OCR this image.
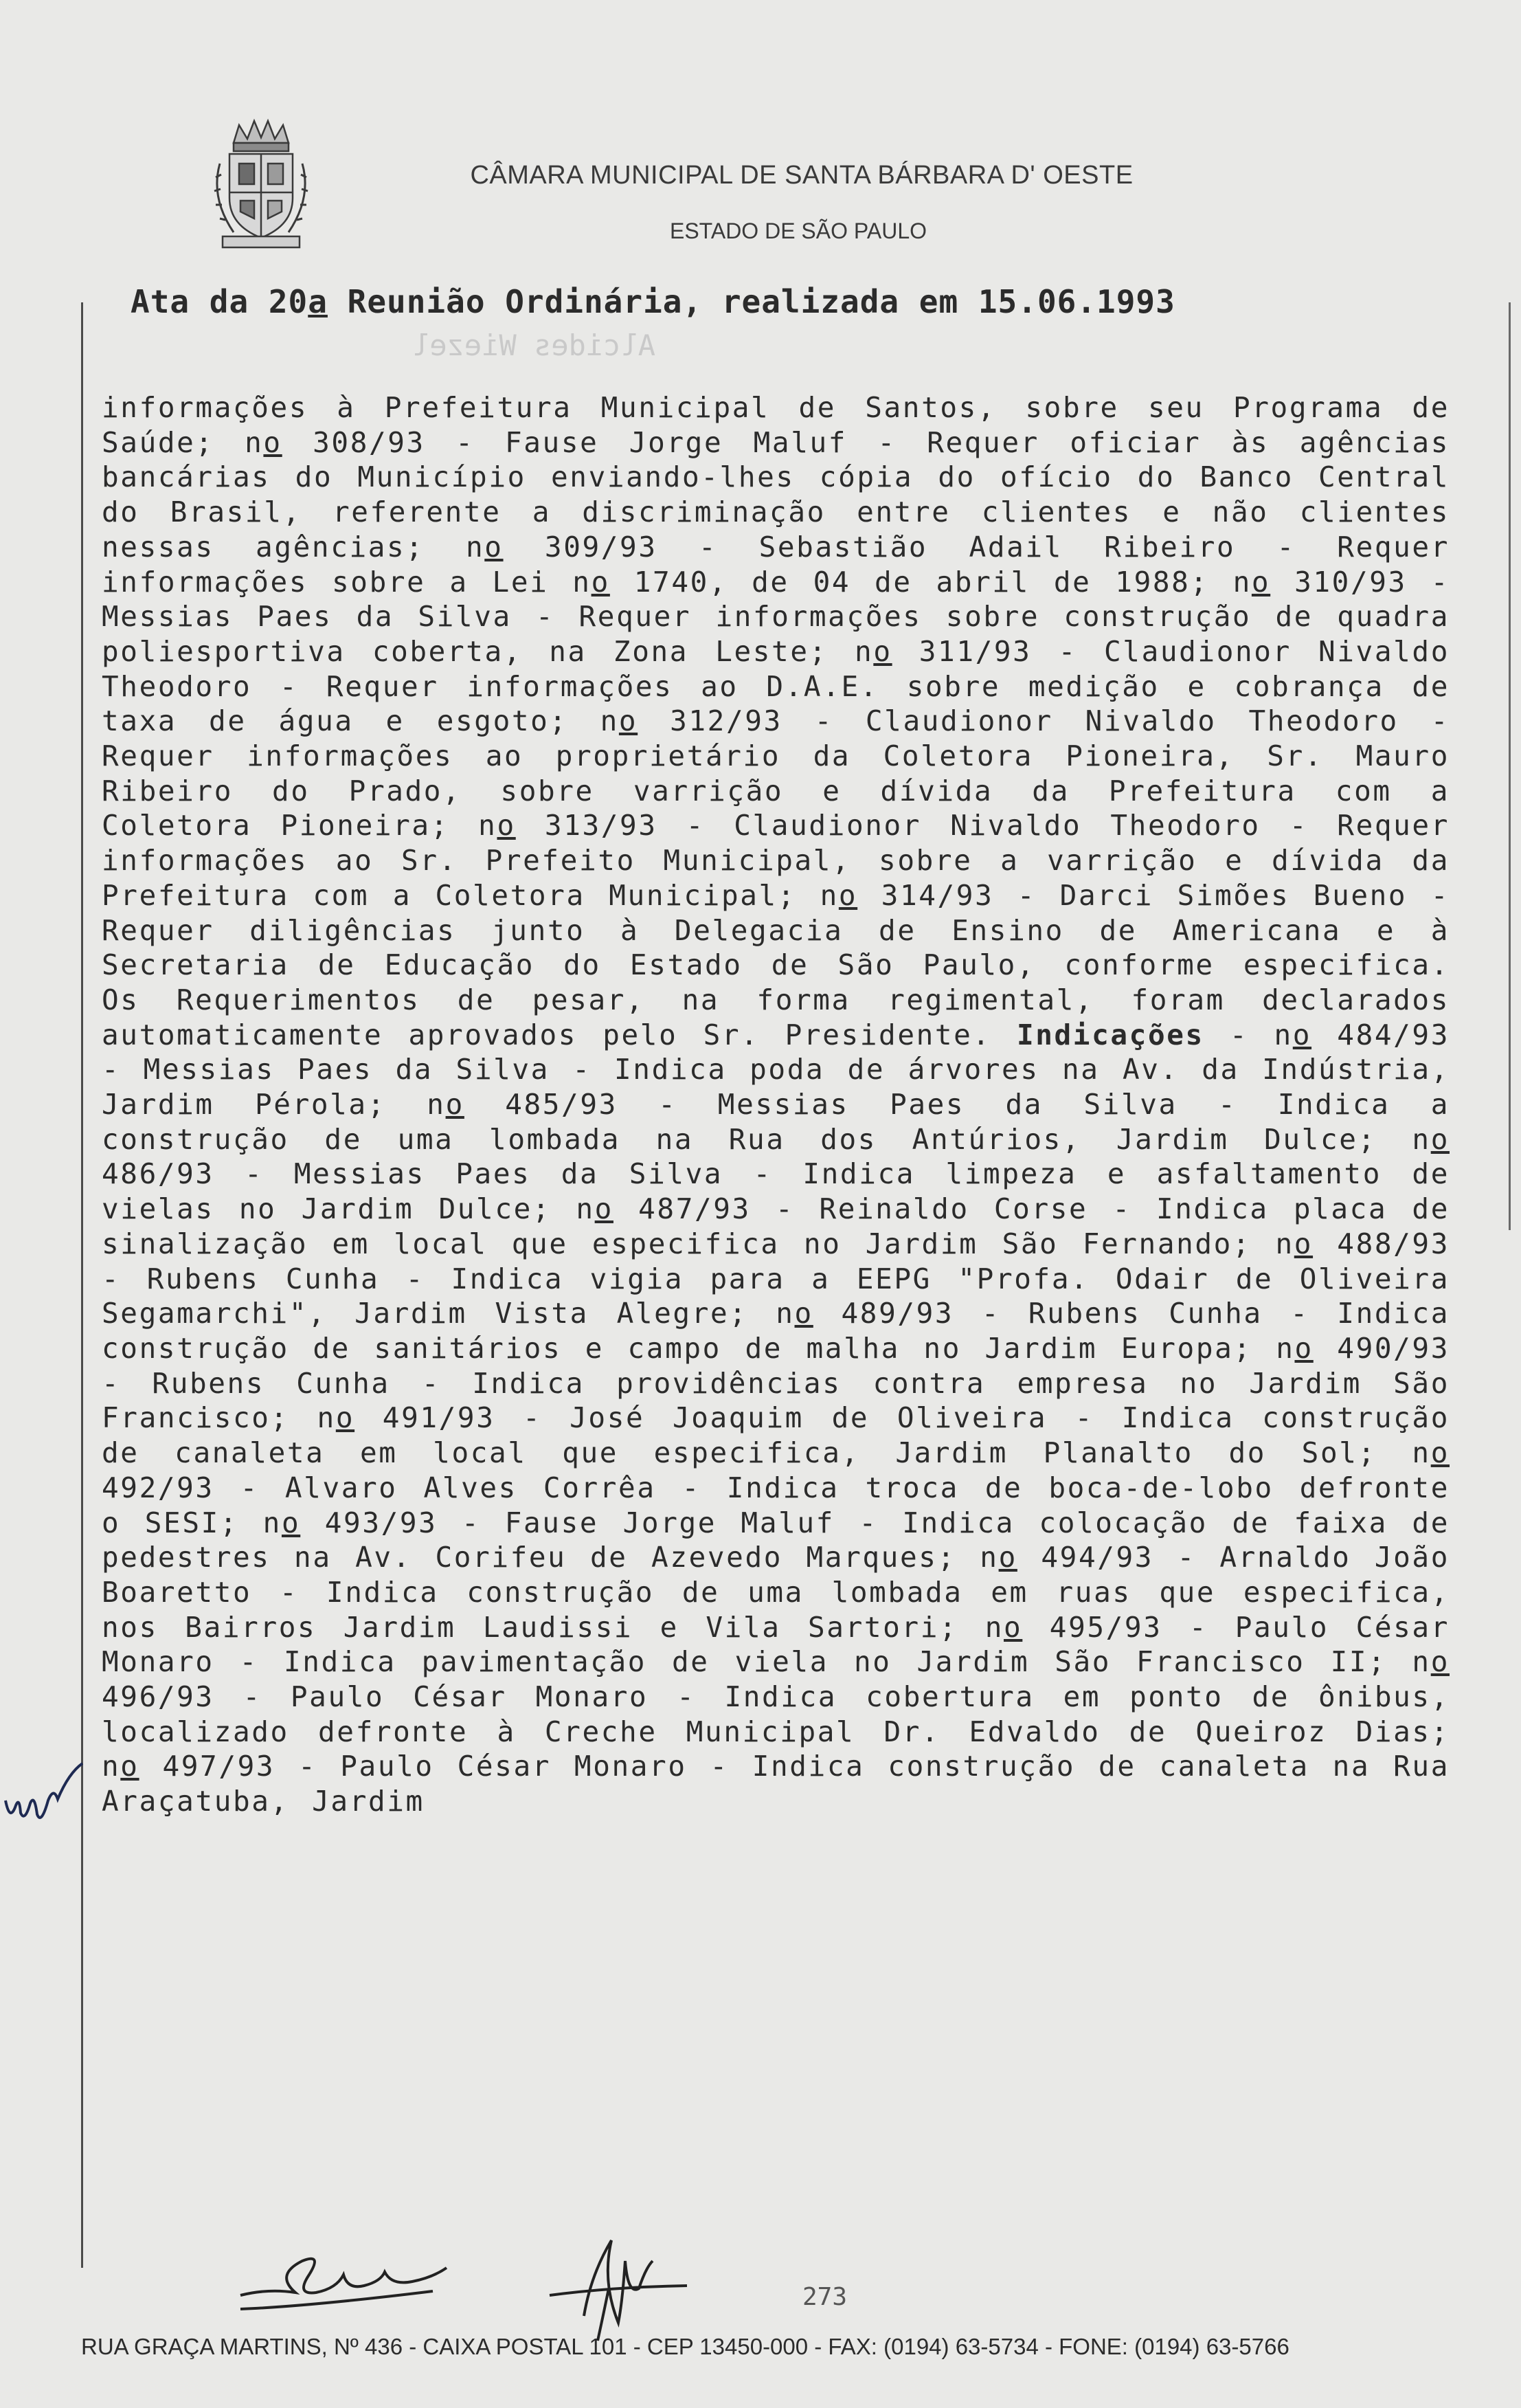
CÂMARA MUNICIPAL DE SANTA BÁRBARA D' OESTE
ESTADO DE SÃO PAULO
Ata da 20a Reunião Ordinária, realizada em 15.06.1993
Alcides Wiezel
informações à Prefeitura Municipal de Santos, sobre seu Programa de Saúde; no 308/93 - Fause Jorge Maluf - Requer oficiar às agências bancárias do Município enviando-lhes cópia do ofício do Banco Central do Brasil, referente a discriminação entre clientes e não clientes nessas agências; no 309/93 - Sebastião Adail Ribeiro - Requer informações sobre a Lei no 1740, de 04 de abril de 1988; no 310/93 - Messias Paes da Silva - Requer informações sobre construção de quadra poliesportiva coberta, na Zona Leste; no 311/93 - Claudionor Nivaldo Theodoro - Requer informações ao D.A.E. sobre medição e cobrança de taxa de água e esgoto; no 312/93 - Claudionor Nivaldo Theodoro - Requer informações ao proprietário da Coletora Pioneira, Sr. Mauro Ribeiro do Prado, sobre varrição e dívida da Prefeitura com a Coletora Pioneira; no 313/93 - Claudionor Nivaldo Theodoro - Requer informações ao Sr. Prefeito Municipal, sobre a varrição e dívida da Prefeitura com a Coletora Municipal; no 314/93 - Darci Simões Bueno - Requer diligências junto à Delegacia de Ensino de Americana e à Secretaria de Educação do Estado de São Paulo, conforme especifica. Os Requerimentos de pesar, na forma regimental, foram declarados automaticamente aprovados pelo Sr. Presidente. Indicações - no 484/93 - Messias Paes da Silva - Indica poda de árvores na Av. da Indústria, Jardim Pérola; no 485/93 - Messias Paes da Silva - Indica a construção de uma lombada na Rua dos Antúrios, Jardim Dulce; no 486/93 - Messias Paes da Silva - Indica limpeza e asfaltamento de vielas no Jardim Dulce; no 487/93 - Reinaldo Corse - Indica placa de sinalização em local que especifica no Jardim São Fernando; no 488/93 - Rubens Cunha - Indica vigia para a EEPG "Profa. Odair de Oliveira Segamarchi", Jardim Vista Alegre; no 489/93 - Rubens Cunha - Indica construção de sanitários e campo de malha no Jardim Europa; no 490/93 - Rubens Cunha - Indica providências contra empresa no Jardim São Francisco; no 491/93 - José Joaquim de Oliveira - Indica construção de canaleta em local que especifica, Jardim Planalto do Sol; no 492/93 - Alvaro Alves Corrêa - Indica troca de boca-de-lobo defronte o SESI; no 493/93 - Fause Jorge Maluf - Indica colocação de faixa de pedestres na Av. Corifeu de Azevedo Marques; no 494/93 - Arnaldo João Boaretto - Indica construção de uma lombada em ruas que especifica, nos Bairros Jardim Laudissi e Vila Sartori; no 495/93 - Paulo César Monaro - Indica pavimentação de viela no Jardim São Francisco II; no 496/93 - Paulo César Monaro - Indica cobertura em ponto de ônibus, localizado defronte à Creche Municipal Dr. Edvaldo de Queiroz Dias; no 497/93 - Paulo César Monaro - Indica construção de canaleta na Rua Araçatuba, Jardim
273
RUA GRAÇA MARTINS, Nº 436 - CAIXA POSTAL 101 - CEP 13450-000 - FAX: (0194) 63-5734 - FONE: (0194) 63-5766
